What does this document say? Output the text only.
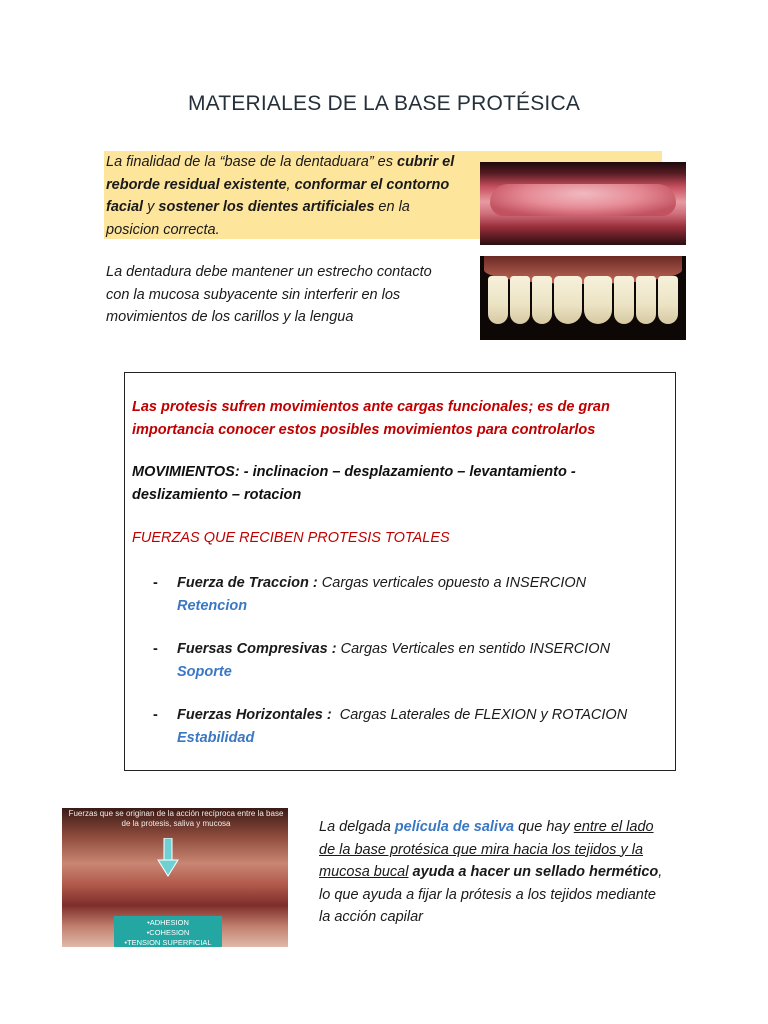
MATERIALES DE LA BASE PROTÉSICA
La finalidad de la “base de la dentaduara” es cubrir el reborde residual existente, conformar el contorno facial y sostener los dientes artificiales en la posicion correcta.
La dentadura debe mantener un estrecho contacto con la mucosa subyacente sin interferir en los movimientos de los carillos y la lengua
Las protesis sufren movimientos ante cargas funcionales; es de gran importancia conocer estos posibles movimientos para controlarlos
MOVIMIENTOS: - inclinacion – desplazamiento – levantamiento - deslizamiento – rotacion
FUERZAS QUE RECIBEN PROTESIS TOTALES
- Fuerza de Traccion : Cargas verticales opuesto a INSERCION
Retencion
- Fuersas Compresivas : Cargas Verticales en sentido INSERCION
Soporte
- Fuerzas Horizontales :  Cargas Laterales de FLEXION y ROTACION
Estabilidad
Fuerzas que se originan de la acción recíproca entre la base de la protesis, saliva y mucosa
•ADHESION
•COHESION
•TENSION SUPERFICIAL
La delgada película de saliva que hay entre el lado de la base protésica que mira hacia los tejidos y la mucosa bucal ayuda a hacer un sellado hermético, lo que ayuda a fijar la prótesis a los tejidos mediante la acción capilar
